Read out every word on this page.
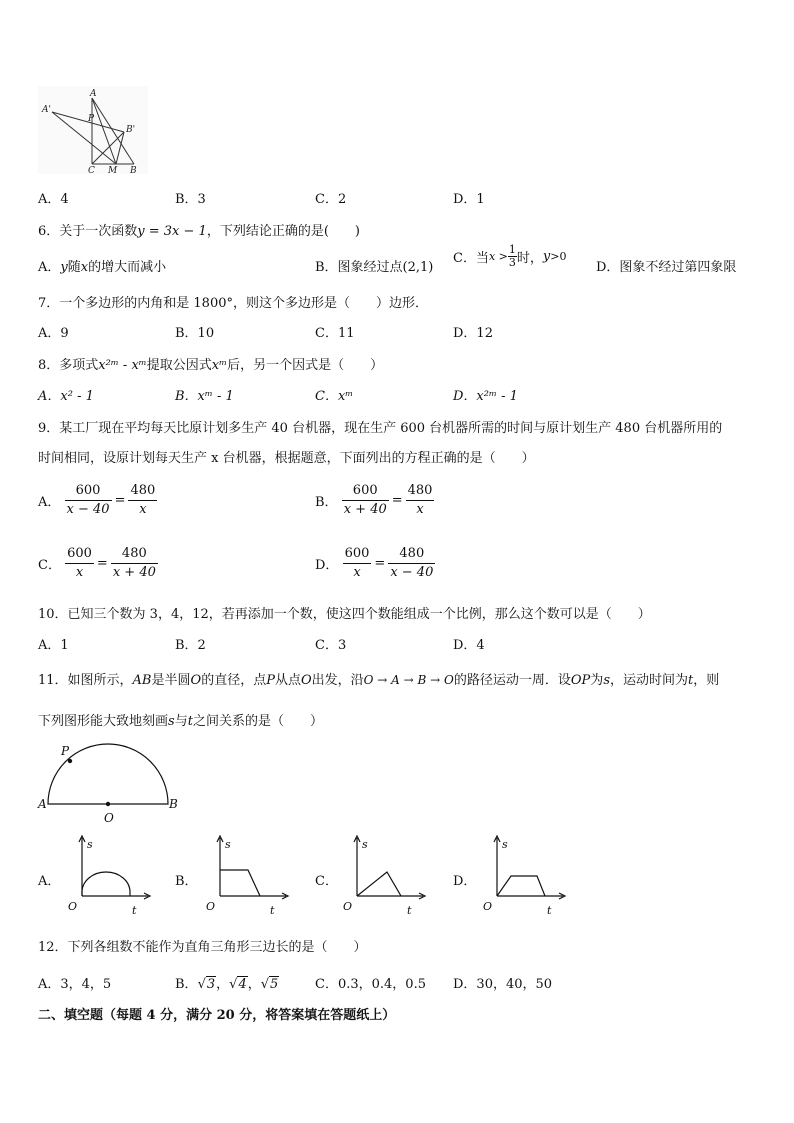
A
A'
P
B'
C M B
A．4	B．3	C．2	D．1
6．关于一次函数y = 3x − 1，下列结论正确的是(　　)
A．y随x的增大而减小	B．图象经过点(2,1)
C．当$x > \frac{1}{3}$ 时，y>0
D．图象不经过第四象限
7．一个多边形的内角和是 1800°，则这个多边形是（　　）边形．
A．9	B．10	C．11	D．12
8．多项式x²ᵐ - xᵐ提取公因式xᵐ后，另一个因式是（　　）
A．x² - 1	B．xᵐ - 1	C．xᵐ	D．x²ᵐ - 1
9．某工厂现在平均每天比原计划多生产 40 台机器，现在生产 600 台机器所需的时间与原计划生产 480 台机器所用的
时间相同，设原计划每天生产 x 台机器，根据题意，下面列出的方程正确的是（　　）
A． $\frac{600}{x - 40} = \frac{480}{x}$	B． $\frac{600}{x + 40} = \frac{480}{x}$
C． $\frac{600}{x} = \frac{480}{x + 40}$	D． $\frac{600}{x} = \frac{480}{x - 40}$
10．已知三个数为 3，4，12，若再添加一个数，使这四个数能组成一个比例，那么这个数可以是（　　）
A．1	B．2	C．3	D．4
11．如图所示，AB是半圆O的直径，点P从点O出发，沿O → A → B → O的路径运动一周．设OP为s，运动时间为t，则
下列图形能大致地刻画s与t之间关系的是（　　）
P
A
O
B
A．
s
O	t
B．
s
O	t
C．
s
O	t
D．
s
O	t
12．下列各组数不能作为直角三角形三边长的是（　　）
A．3，4，5	B．√3，√4，√5	C．0.3，0.4，0.5 D．30，40，50
二、填空题（每题 4 分，满分 20 分，将答案填在答题纸上）
